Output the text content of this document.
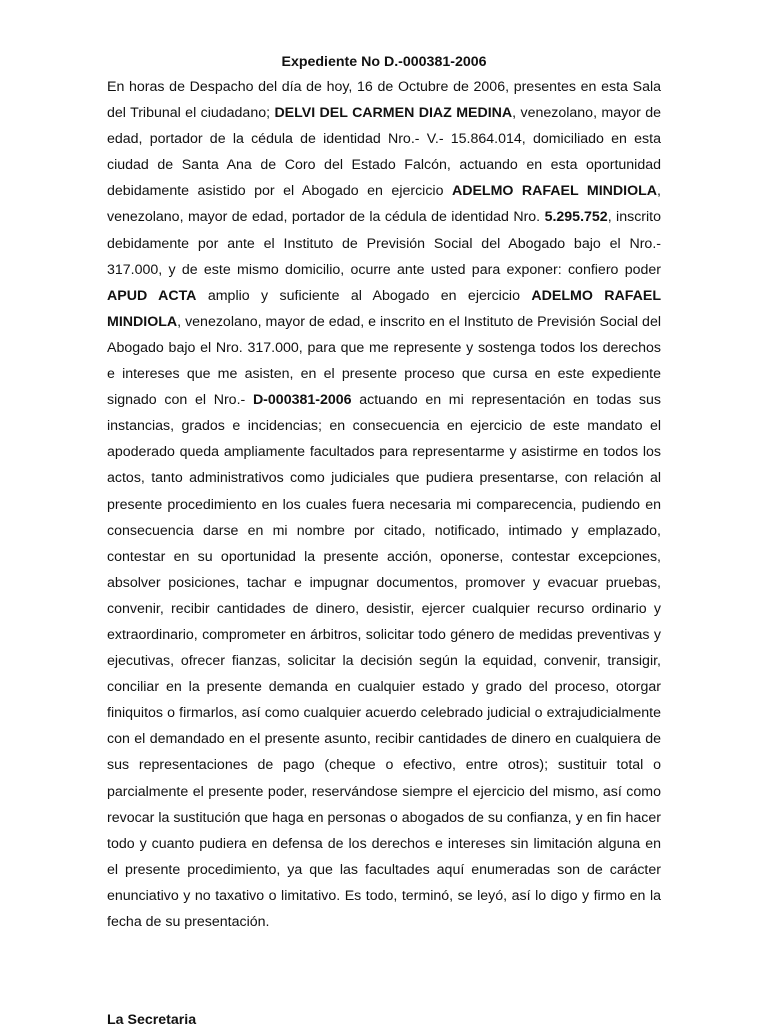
Expediente No D.-000381-2006

En horas de Despacho del día de hoy, 16 de Octubre de 2006, presentes en esta Sala del Tribunal el ciudadano; DELVI DEL CARMEN DIAZ MEDINA, venezolano, mayor de edad, portador de la cédula de identidad Nro.- V.- 15.864.014, domiciliado en esta ciudad de Santa Ana de Coro del Estado Falcón, actuando en esta oportunidad debidamente asistido por el Abogado en ejercicio ADELMO RAFAEL MINDIOLA, venezolano, mayor de edad, portador de la cédula de identidad Nro. 5.295.752, inscrito debidamente por ante el Instituto de Previsión Social del Abogado bajo el Nro.- 317.000, y de este mismo domicilio, ocurre ante usted para exponer: confiero poder APUD ACTA amplio y suficiente al Abogado en ejercicio ADELMO RAFAEL MINDIOLA, venezolano, mayor de edad, e inscrito en el Instituto de Previsión Social del Abogado bajo el Nro. 317.000, para que me represente y sostenga todos los derechos e intereses que me asisten, en el presente proceso que cursa en este expediente signado con el Nro.- D-000381-2006 actuando en mi representación en todas sus instancias, grados e incidencias; en consecuencia en ejercicio de este mandato el apoderado queda ampliamente facultados para representarme y asistirme en todos los actos, tanto administrativos como judiciales que pudiera presentarse, con relación al presente procedimiento en los cuales fuera necesaria mi comparecencia, pudiendo en consecuencia darse en mi nombre por citado, notificado, intimado y emplazado, contestar en su oportunidad la presente acción, oponerse, contestar excepciones, absolver posiciones, tachar e impugnar documentos, promover y evacuar pruebas, convenir, recibir cantidades de dinero, desistir, ejercer cualquier recurso ordinario y extraordinario, comprometer en árbitros, solicitar todo género de medidas preventivas y ejecutivas, ofrecer fianzas, solicitar la decisión según la equidad, convenir, transigir, conciliar en la presente demanda en cualquier estado y grado del proceso, otorgar finiquitos o firmarlos, así como cualquier acuerdo celebrado judicial o extrajudicialmente con el demandado en el presente asunto, recibir cantidades de dinero en cualquiera de sus representaciones de pago (cheque o efectivo, entre otros); sustituir total o parcialmente el presente poder, reservándose siempre el ejercicio del mismo, así como revocar la sustitución que haga en personas o abogados de su confianza, y en fin hacer todo y cuanto pudiera en defensa de los derechos e intereses sin limitación alguna en el presente procedimiento, ya que las facultades aquí enumeradas son de carácter enunciativo y no taxativo o limitativo. Es todo, terminó, se leyó, así lo digo y firmo en la fecha de su presentación.

La Secretaria
